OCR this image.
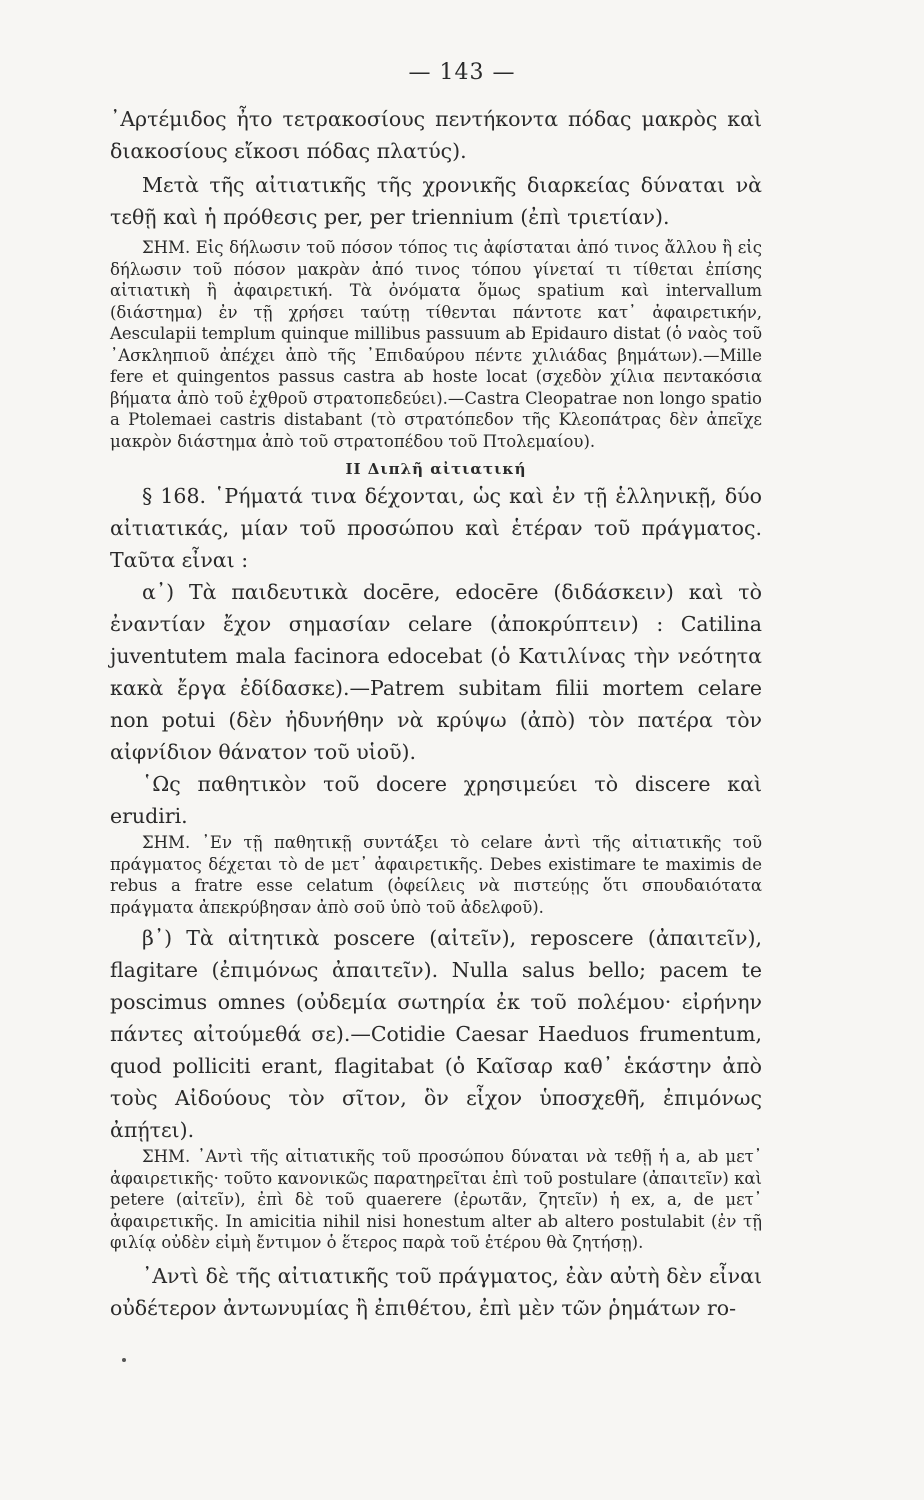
— 143 —

᾿Αρτέμιδος ἦτο τετρακοσίους πεντήκοντα πόδας μακρὸς καὶ διακοσίους εἴκοσι πόδας πλατύς).

Μετὰ τῆς αἰτιατικῆς τῆς χρονικῆς διαρκείας δύναται νὰ τεθῇ καὶ ἡ πρόθεσις per, per triennium (ἐπὶ τριετίαν).

ΣΗΜ. Εἰς δήλωσιν τοῦ πόσον τόπος τις ἀφίσταται ἀπό τινος ἄλλου ἢ εἰς δήλωσιν τοῦ πόσον μακρὰν ἀπό τινος τόπου γίνεταί τι τίθεται ἐπίσης αἰτιατικὴ ἢ ἀφαιρετική. Τὰ ὀνόματα ὅμως spatium καὶ intervallum (διάστημα) ἐν τῇ χρήσει ταύτῃ τίθενται πάντοτε κατ᾽ ἀφαιρετικήν, Aesculapii templum quinque millibus passuum ab Epidauro distat (ὁ ναὸς τοῦ ᾽Ασκληπιοῦ ἀπέχει ἀπὸ τῆς ᾽Επιδαύρου πέντε χιλιάδας βημάτων).—Mille fere et quingentos passus castra ab hoste locat (σχεδὸν χίλια πεντακόσια βήματα ἀπὸ τοῦ ἐχθροῦ στρατοπεδεύει).—Castra Cleopatrae non longo spatio a Ptolemaei castris distabant (τὸ στρατόπεδον τῆς Κλεοπάτρας δὲν ἀπεῖχε μακρὸν διάστημα ἀπὸ τοῦ στρατοπέδου τοῦ Πτολεμαίου).

ΙΙ Διπλῆ αἰτιατική

§ 168. ῾Ρήματά τινα δέχονται, ὡς καὶ ἐν τῇ ἑλληνικῇ, δύο αἰτιατικάς, μίαν τοῦ προσώπου καὶ ἑτέραν τοῦ πράγματος. Ταῦτα εἶναι :

α᾽) Τὰ παιδευτικὰ docēre, edocēre (διδάσκειν) καὶ τὸ ἐναντίαν ἔχον σημασίαν celare (ἀποκρύπτειν) : Catilina juventutem mala facinora edocebat (ὁ Κατιλίνας τὴν νεότητα κακὰ ἔργα ἐδίδασκε).—Patrem subitam filii mortem celare non potui (δὲν ἠδυνήθην νὰ κρύψω (ἀπὸ) τὸν πατέρα τὸν αἰφνίδιον θάνατον τοῦ υἱοῦ).

῾Ως παθητικὸν τοῦ docere χρησιμεύει τὸ discere καὶ erudiri.

ΣΗΜ. ᾽Εν τῇ παθητικῇ συντάξει τὸ celare ἀντὶ τῆς αἰτιατικῆς τοῦ πράγματος δέχεται τὸ de μετ᾽ ἀφαιρετικῆς. Debes existimare te maximis de rebus a fratre esse celatum (ὀφείλεις νὰ πιστεύῃς ὅτι σπουδαιότατα πράγματα ἀπεκρύβησαν ἀπὸ σοῦ ὑπὸ τοῦ ἀδελφοῦ).

β᾽) Τὰ αἰτητικὰ poscere (αἰτεῖν), reposcere (ἀπαιτεῖν), flagitare (ἐπιμόνως ἀπαιτεῖν). Nulla salus bello; pacem te poscimus omnes (οὐδεμία σωτηρία ἐκ τοῦ πολέμου· εἰρήνην πάντες αἰτούμεθά σε).—Cotidie Caesar Haeduos frumentum, quod polliciti erant, flagitabat (ὁ Καῖσαρ καθ᾽ ἑκάστην ἀπὸ τοὺς Αἰδούους τὸν σῖτον, ὃν εἶχον ὑποσχεθῆ, ἐπιμόνως ἀπῄτει).

ΣΗΜ. ᾽Αντὶ τῆς αἰτιατικῆς τοῦ προσώπου δύναται νὰ τεθῇ ἡ a, ab μετ᾽ ἀφαιρετικῆς· τοῦτο κανονικῶς παρατηρεῖται ἐπὶ τοῦ postulare (ἀπαιτεῖν) καὶ petere (αἰτεῖν), ἐπὶ δὲ τοῦ quaerere (ἐρωτᾶν, ζητεῖν) ἡ ex, a, de μετ᾽ ἀφαιρετικῆς. In amicitia nihil nisi honestum alter ab altero postulabit (ἐν τῇ φιλίᾳ οὐδὲν εἰμὴ ἔντιμον ὁ ἕτερος παρὰ τοῦ ἑτέρου θὰ ζητήσῃ).

᾽Αντὶ δὲ τῆς αἰτιατικῆς τοῦ πράγματος, ἐὰν αὐτὴ δὲν εἶναι οὐδέτερον ἀντωνυμίας ἢ ἐπιθέτου, ἐπὶ μὲν τῶν ῥημάτων ro-
